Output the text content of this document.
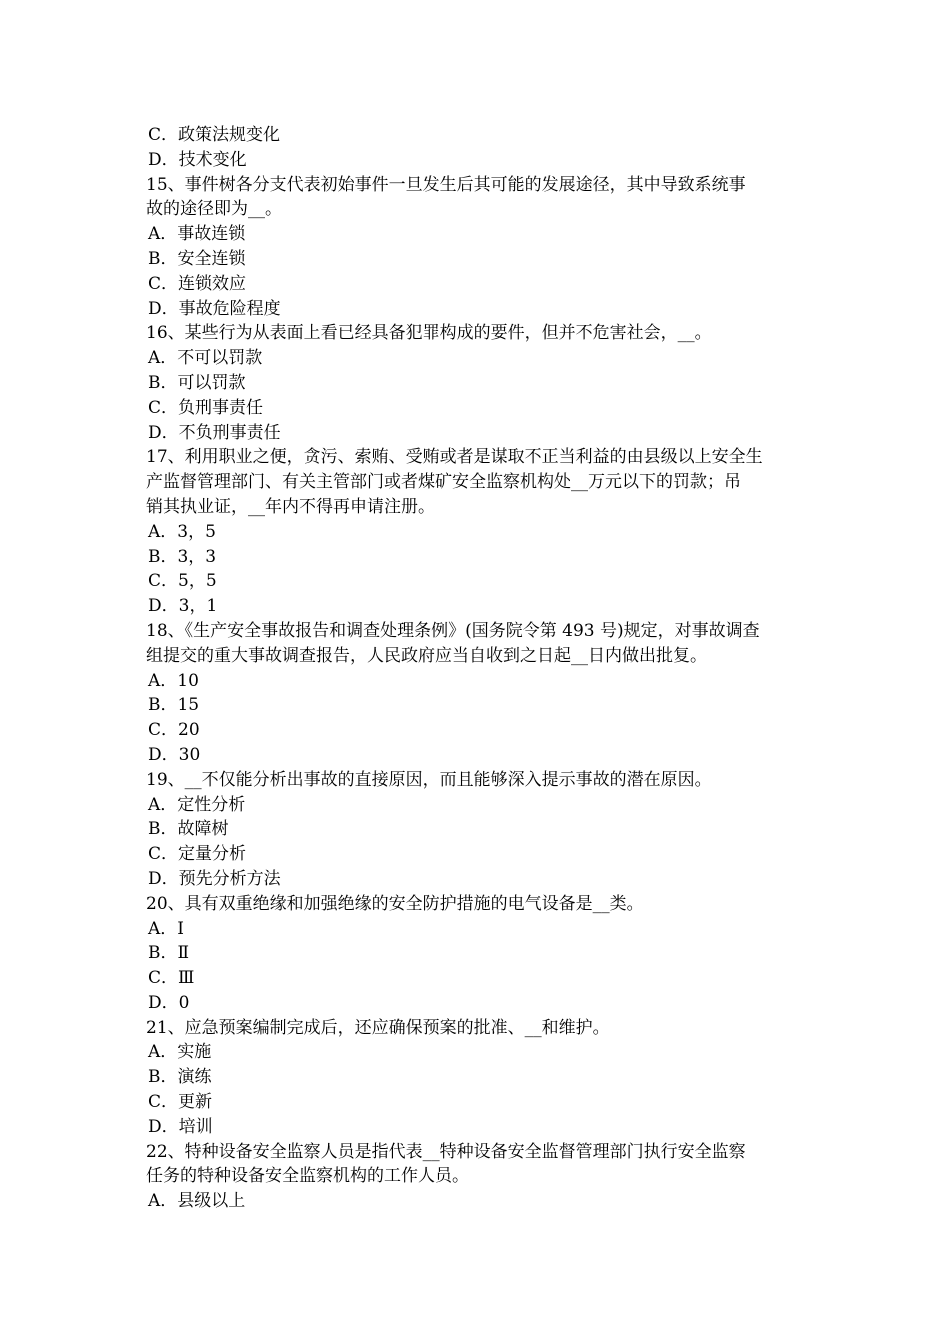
C．政策法规变化
D．技术变化
15、事件树各分支代表初始事件一旦发生后其可能的发展途径，其中导致系统事
故的途径即为__。
A．事故连锁
B．安全连锁
C．连锁效应
D．事故危险程度
16、某些行为从表面上看已经具备犯罪构成的要件，但并不危害社会，__。
A．不可以罚款
B．可以罚款
C．负刑事责任
D．不负刑事责任
17、利用职业之便，贪污、索贿、受贿或者是谋取不正当利益的由县级以上安全生
产监督管理部门、有关主管部门或者煤矿安全监察机构处__万元以下的罚款；吊
销其执业证，__年内不得再申请注册。
A．3，5
B．3，3
C．5，5
D．3，1
18、《生产安全事故报告和调查处理条例》(国务院令第 493 号)规定，对事故调查
组提交的重大事故调查报告，人民政府应当自收到之日起__日内做出批复。
A．10
B．15
C．20
D．30
19、__不仅能分析出事故的直接原因，而且能够深入提示事故的潜在原因。
A．定性分析
B．故障树
C．定量分析
D．预先分析方法
20、具有双重绝缘和加强绝缘的安全防护措施的电气设备是__类。
A．Ⅰ
B．Ⅱ
C．Ⅲ
D．0
21、应急预案编制完成后，还应确保预案的批准、__和维护。
A．实施
B．演练
C．更新
D．培训
22、特种设备安全监察人员是指代表__特种设备安全监督管理部门执行安全监察
任务的特种设备安全监察机构的工作人员。
A．县级以上
